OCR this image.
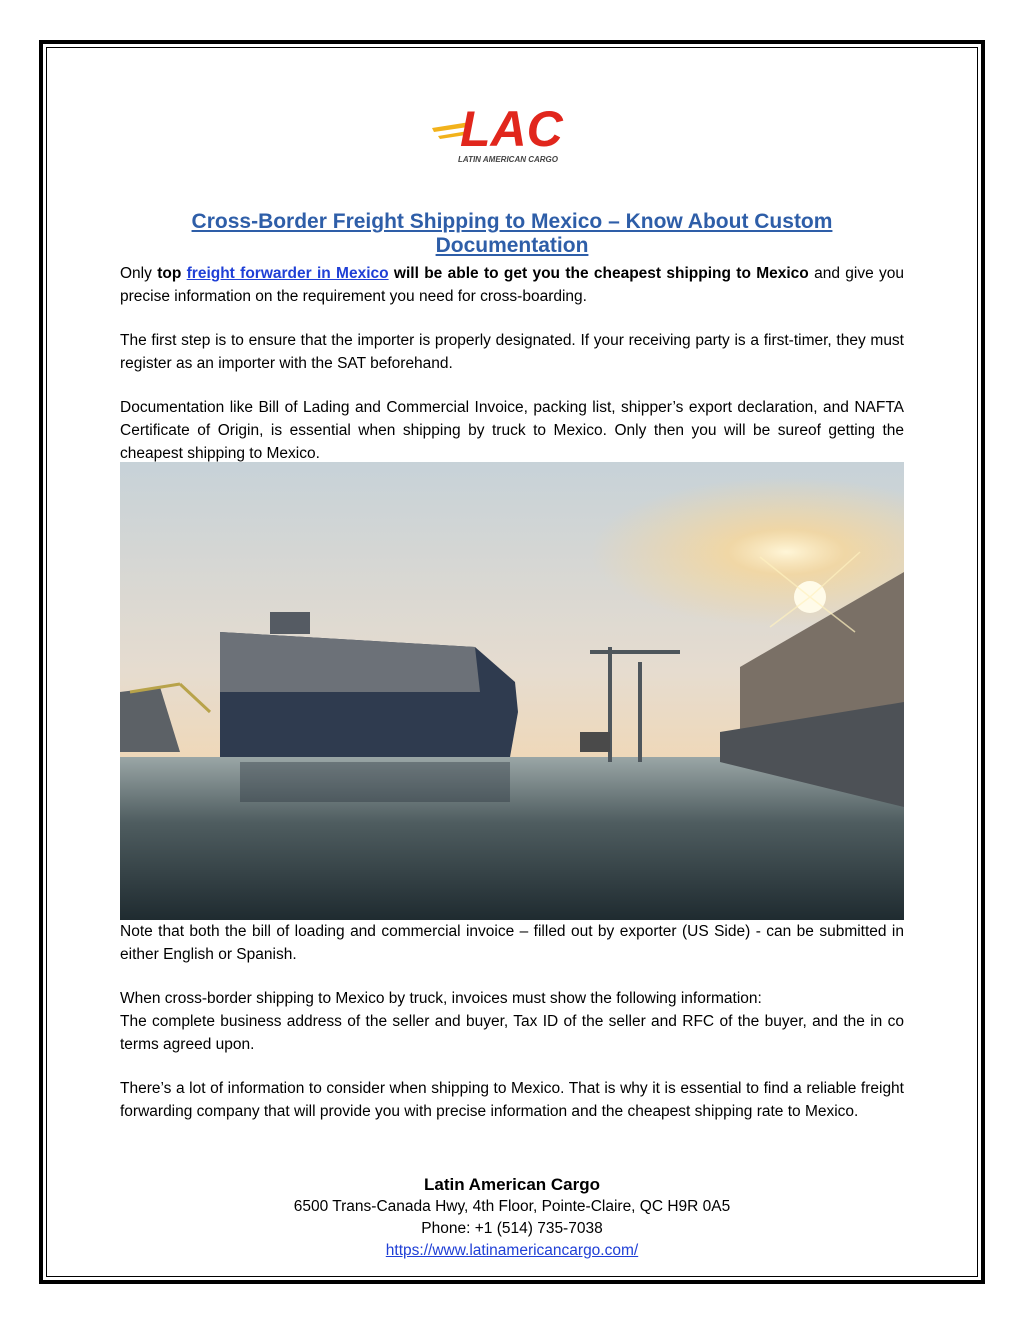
LAC
LATIN AMERICAN CARGO
Cross-Border Freight Shipping to Mexico – Know About Custom Documentation

Only top freight forwarder in Mexico will be able to get you the cheapest shipping to Mexico and give you precise information on the requirement you need for cross-boarding.

The first step is to ensure that the importer is properly designated. If your receiving party is a first-timer, they must register as an importer with the SAT beforehand.

Documentation like Bill of Lading and Commercial Invoice, packing list, shipper’s export declaration, and NAFTA Certificate of Origin, is essential when shipping by truck to Mexico. Only then you will be sureof getting the cheapest shipping to Mexico.

Note that both the bill of loading and commercial invoice – filled out by exporter (US Side) - can be submitted in either English or Spanish.

When cross-border shipping to Mexico by truck, invoices must show the following information:
The complete business address of the seller and buyer, Tax ID of the seller and RFC of the buyer, and the in co terms agreed upon.

There’s a lot of information to consider when shipping to Mexico. That is why it is essential to find a reliable freight forwarding company that will provide you with precise information and the cheapest shipping rate to Mexico.

Latin American Cargo
6500 Trans-Canada Hwy, 4th Floor, Pointe-Claire, QC H9R 0A5
Phone: +1 (514) 735-7038
https://www.latinamericancargo.com/
